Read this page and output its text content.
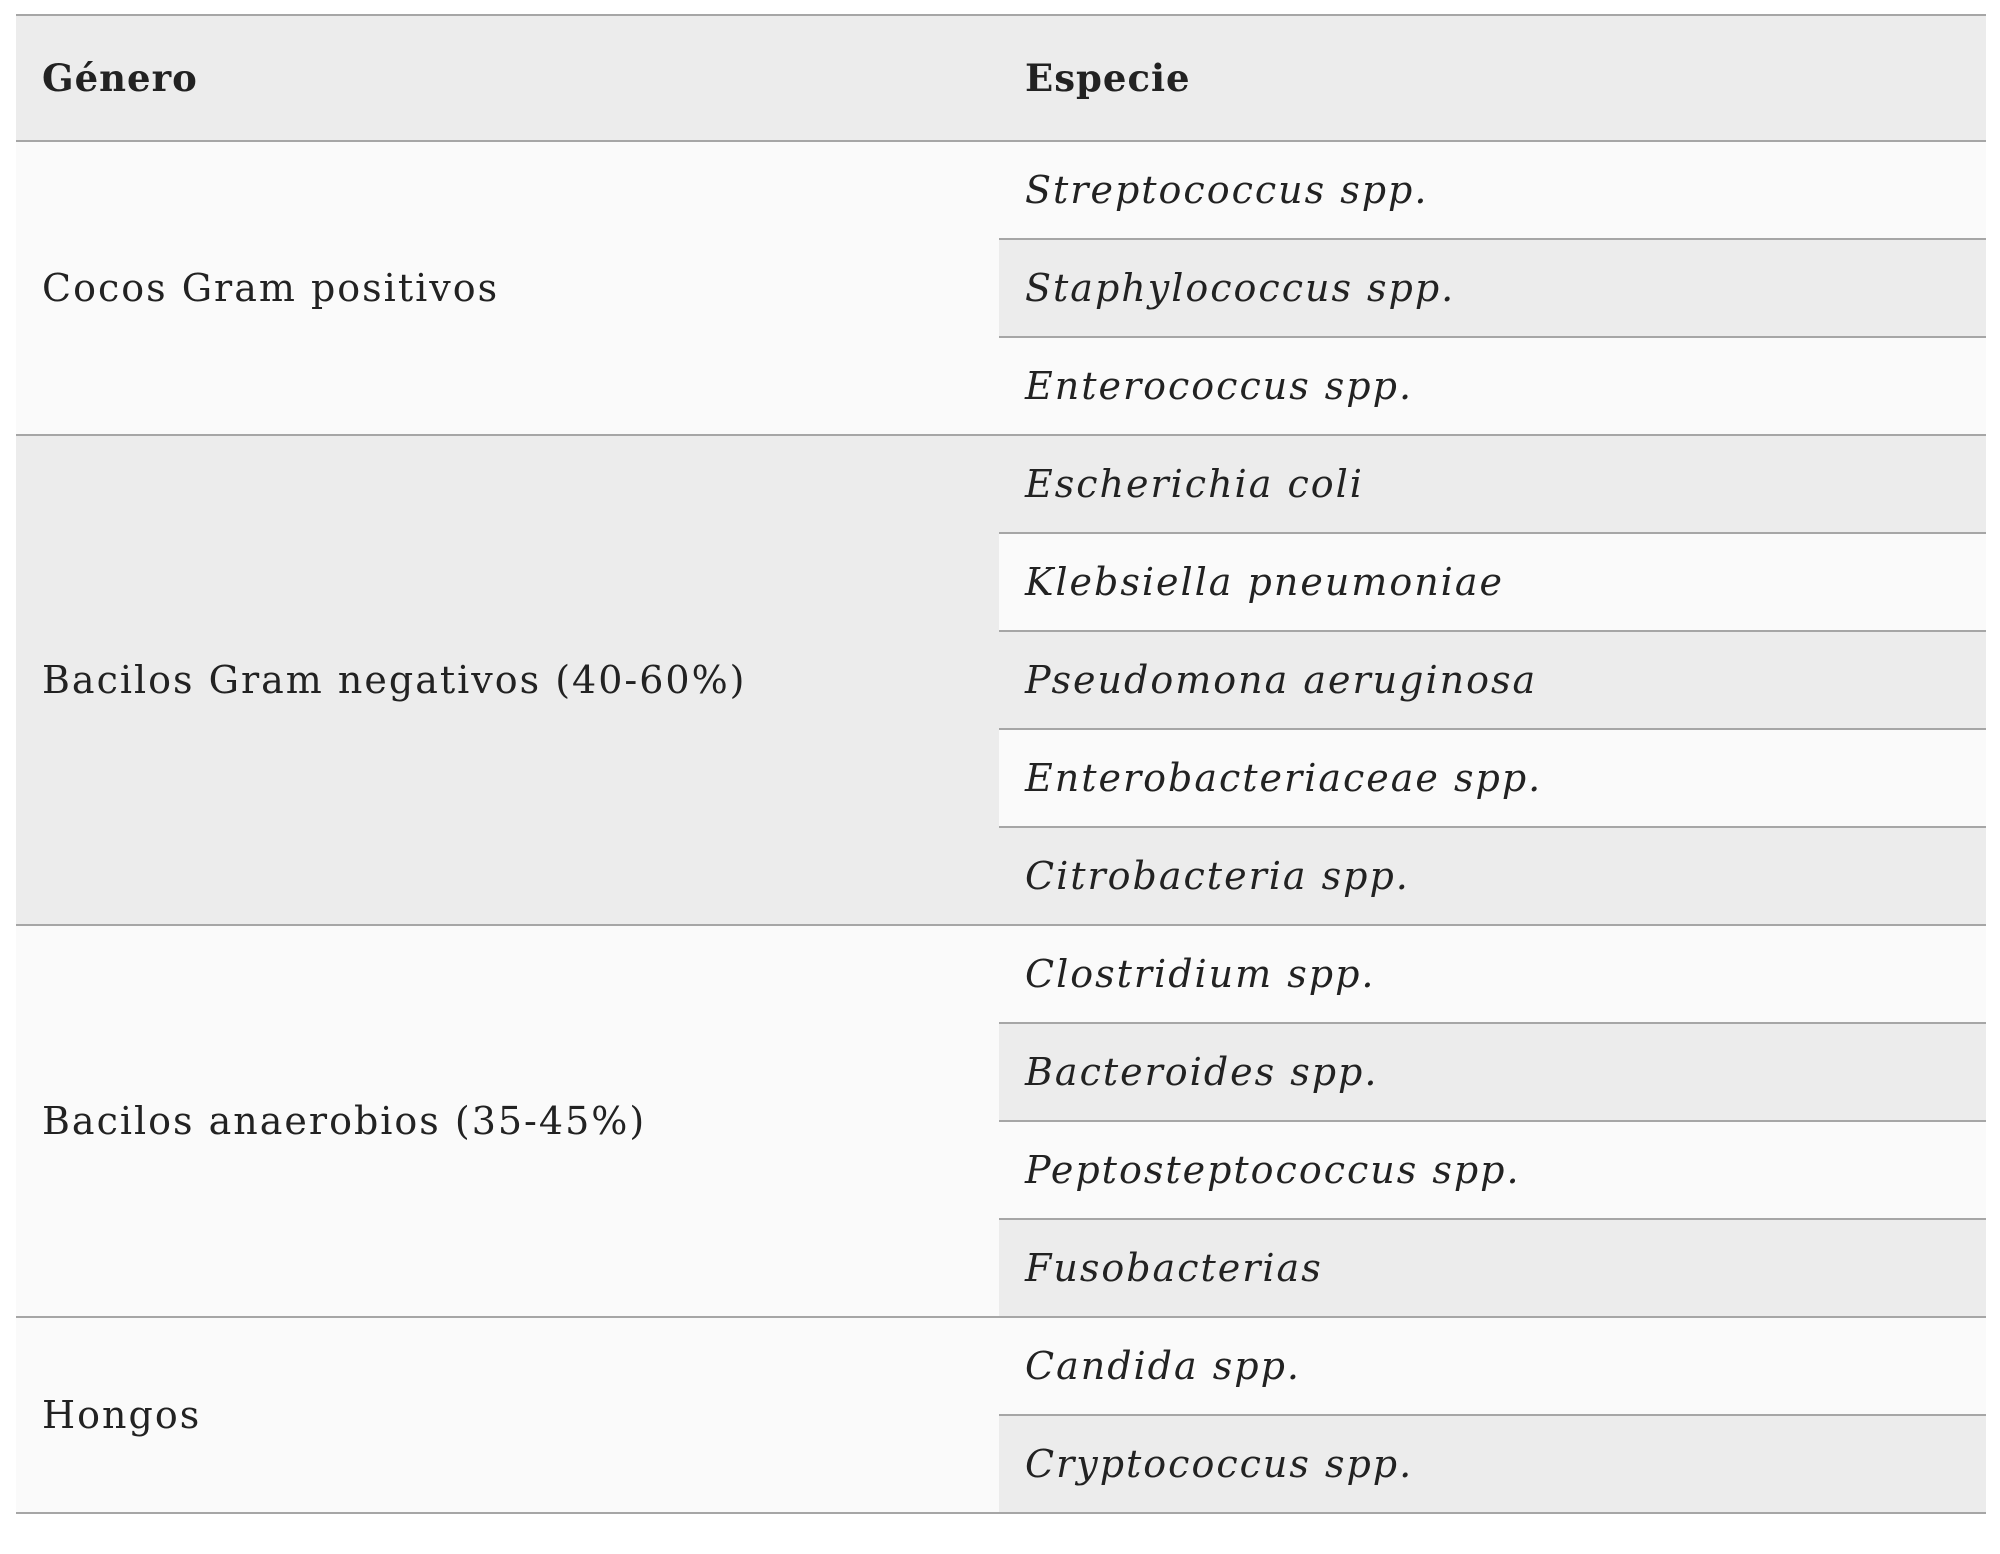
Género	Especie
Cocos Gram positivos	Streptococcus spp.
	Staphylococcus spp.
	Enterococcus spp.
Bacilos Gram negativos (40-60%)	Escherichia coli
	Klebsiella pneumoniae
	Pseudomona aeruginosa
	Enterobacteriaceae spp.
	Citrobacteria spp.
Bacilos anaerobios (35-45%)	Clostridium spp.
	Bacteroides spp.
	Peptosteptococcus spp.
	Fusobacterias
Hongos	Candida spp.
	Cryptococcus spp.
